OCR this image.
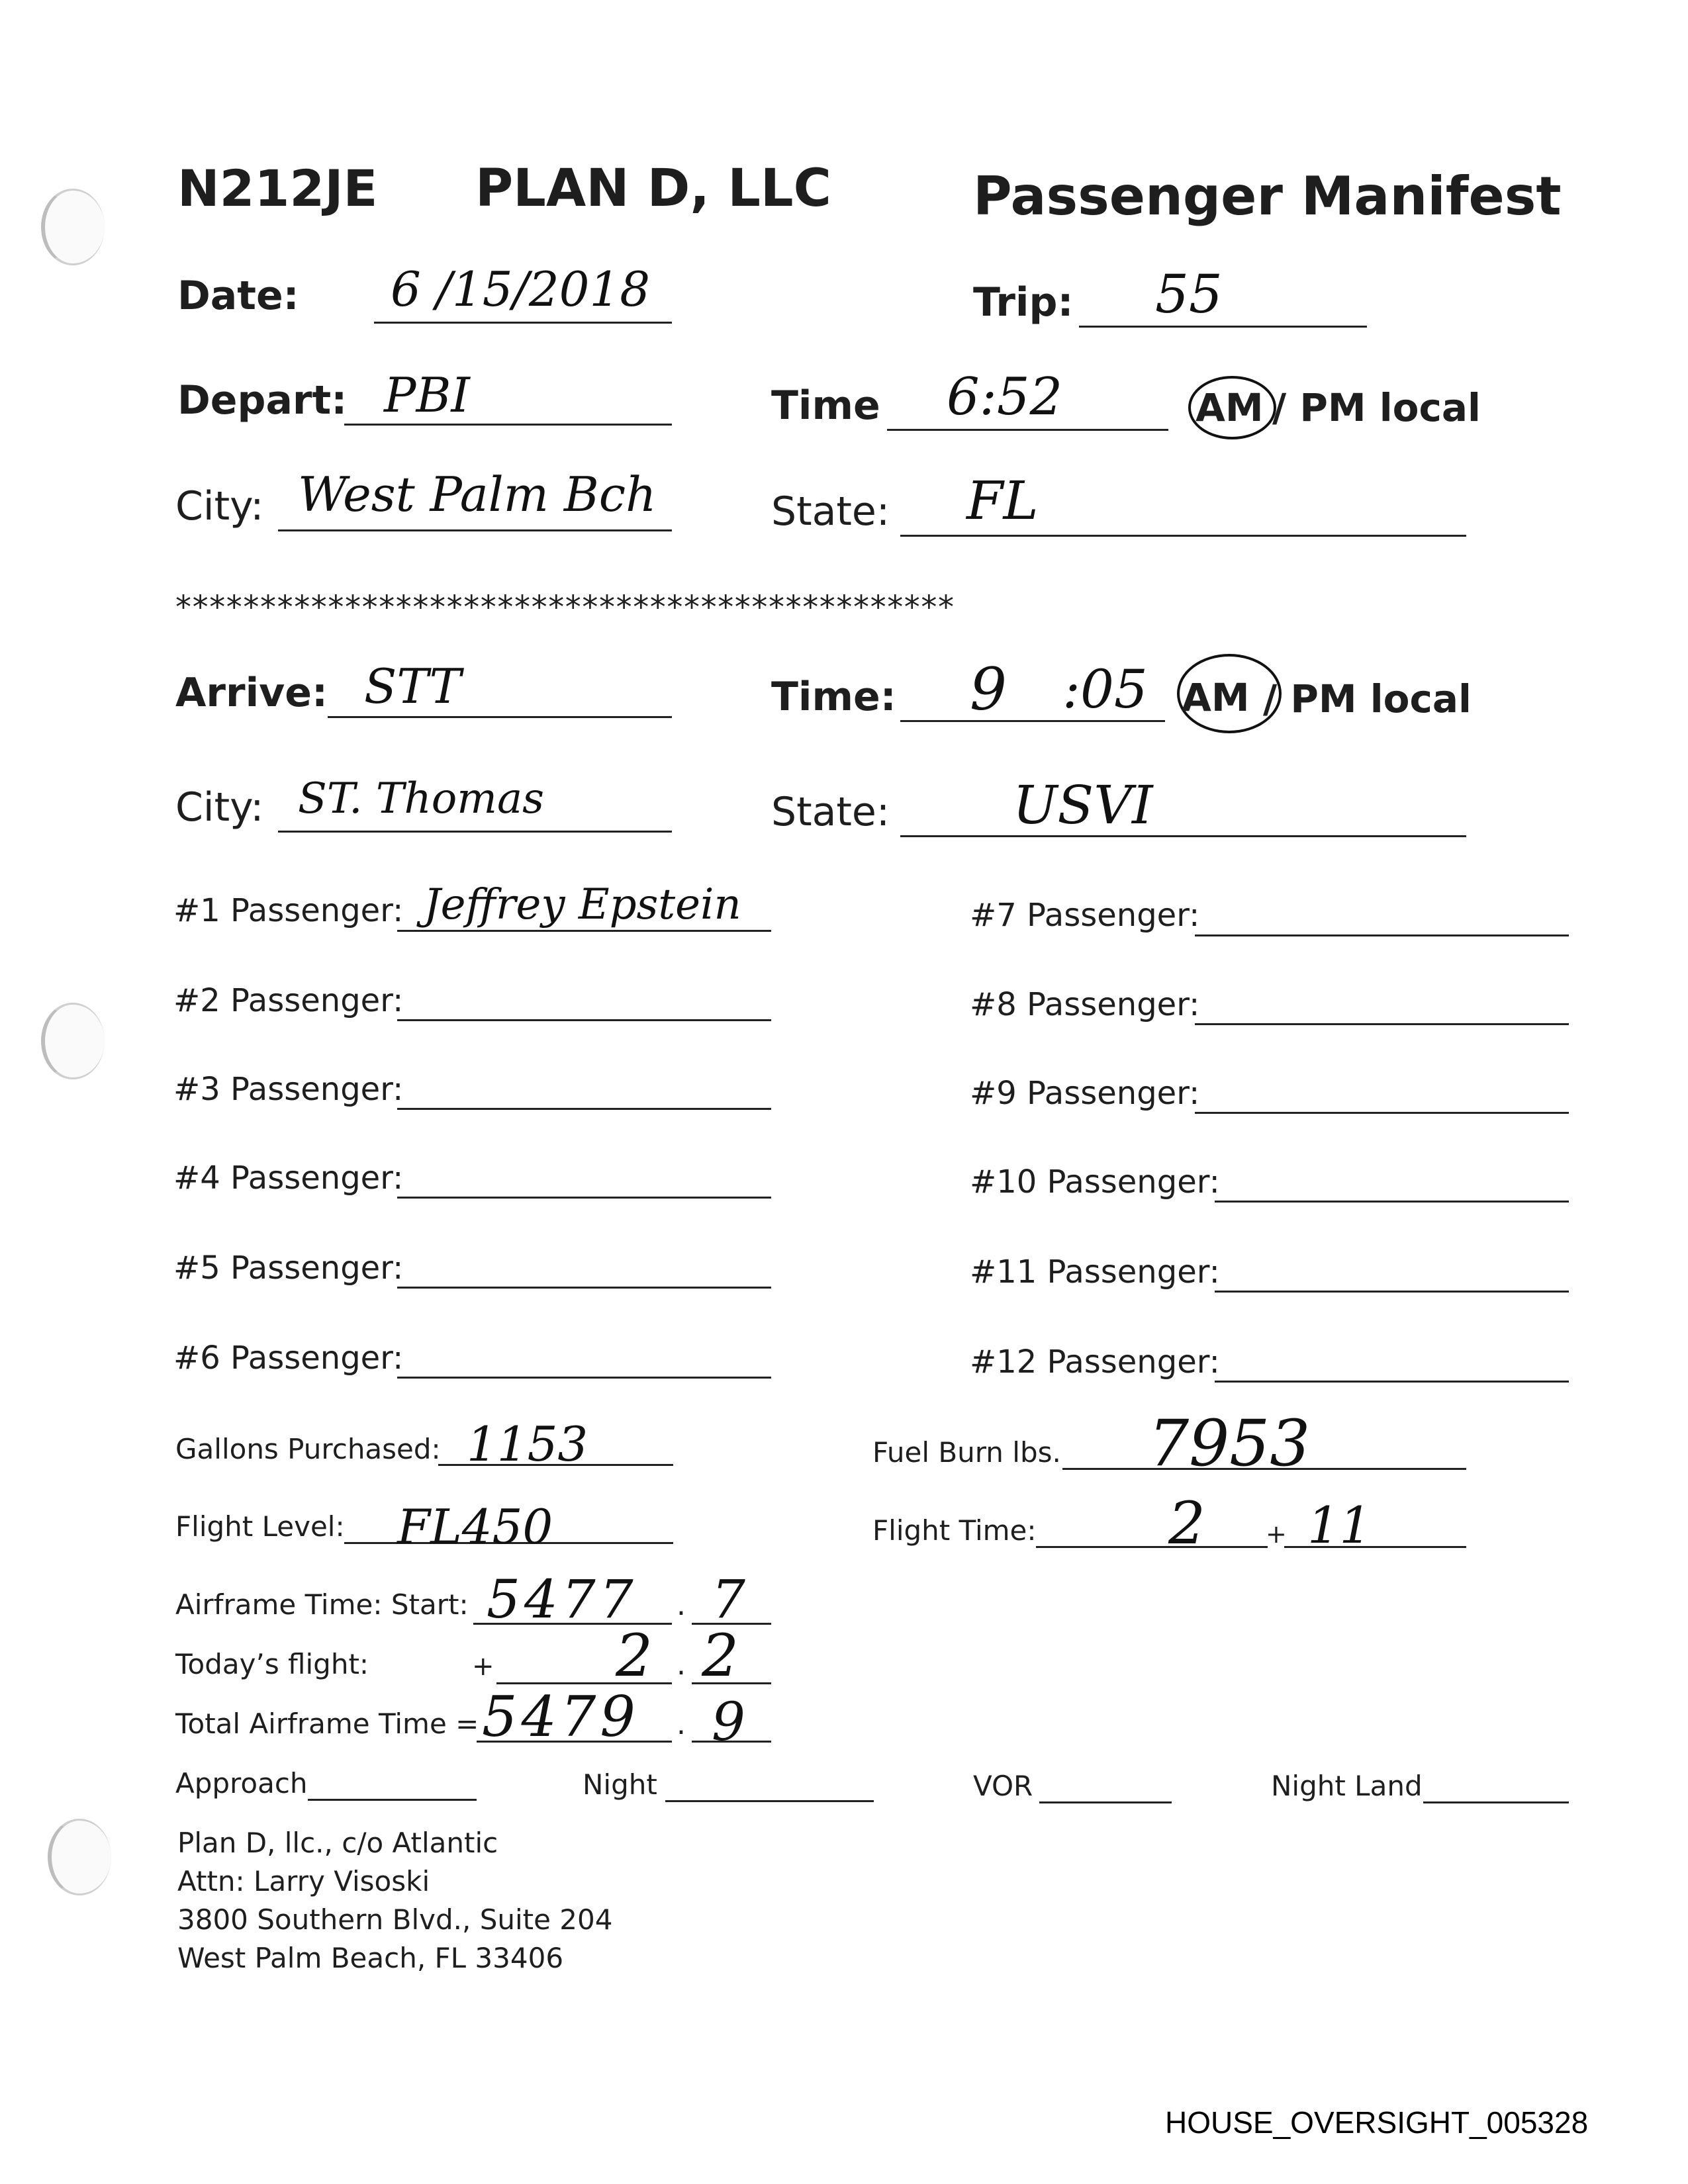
N212JE PLAN D, LLC	Passenger Manifest
Date: 6 /15/2018	Trip: 55
Depart: PBI	Time 6:52	AM / PM local
City: West Palm Bch	State: FL
**********************************************
Arrive: STT	Time: 9 :05 AM / PM local
City: ST. Thomas	State: USVI
#1 Passenger: Jeffrey Epstein
#2 Passenger:
#3 Passenger:
#4 Passenger:
#5 Passenger:
#6 Passenger:
#7 Passenger:
#8 Passenger:
#9 Passenger:
#10 Passenger:
#11 Passenger:
#12 Passenger:
Gallons Purchased: 1153	Fuel Burn lbs. 7953
Flight Level: FL450	Flight Time: 2 + 11
Airframe Time: Start: 5477 . 7
Today’s flight:	+ 2 . 2
Total Airframe Time = 5479 . 9
Approach	Night	VOR	Night Land
Plan D, llc., c/o Atlantic
Attn: Larry Visoski
3800 Southern Blvd., Suite 204
West Palm Beach, FL 33406
HOUSE_OVERSIGHT_005328
